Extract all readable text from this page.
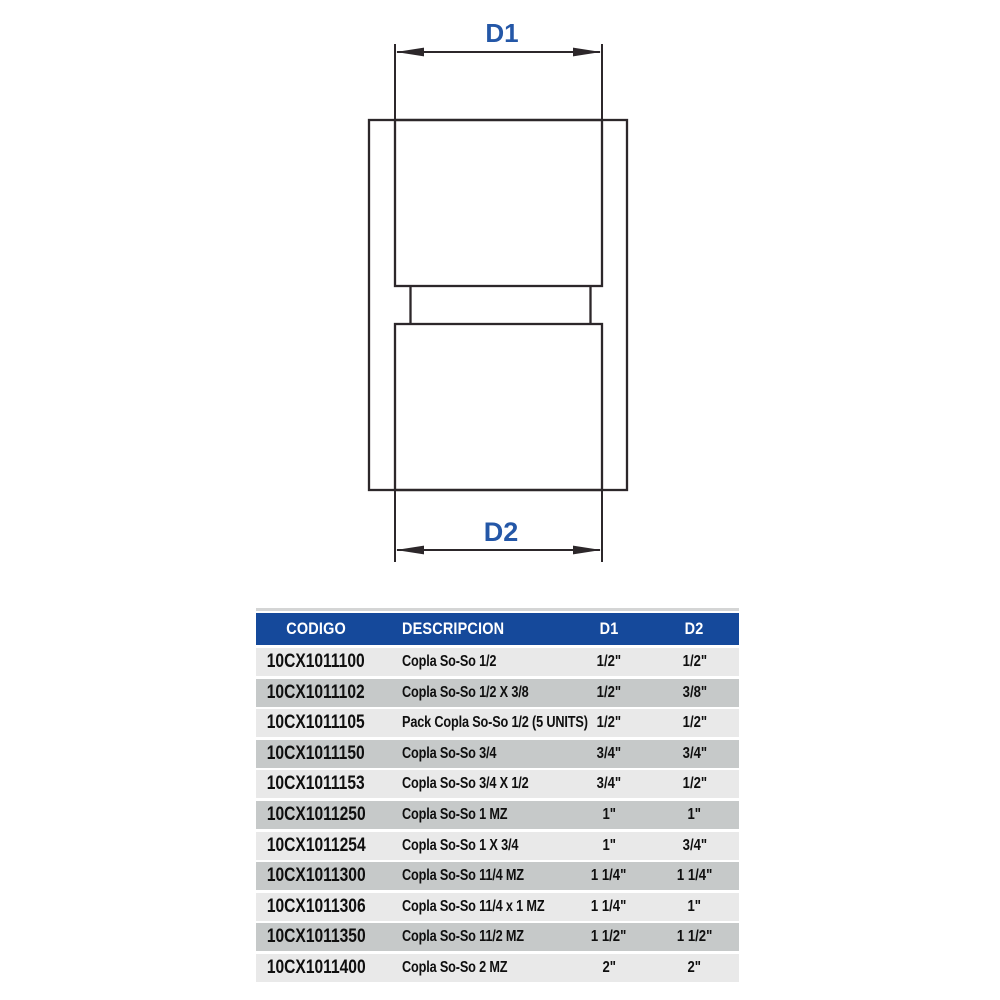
D1
D2
CODIGO	DESCRIPCION	D1	D2
10CX1011100 Copla So-So 1/2	1/2"	1/2"
10CX1011102 Copla So-So 1/2 X 3/8	1/2"	3/8"
10CX1011105 Pack Copla So-So 1/2 (5 UNITS) 1/2"	1/2"
10CX1011150 Copla So-So 3/4	3/4"	3/4"
10CX1011153 Copla So-So 3/4 X 1/2	3/4"	1/2"
10CX1011250 Copla So-So 1 MZ	1"	1"
10CX1011254 Copla So-So 1 X 3/4	1"	3/4"
10CX1011300 Copla So-So 11/4 MZ	1 1/4"	1 1/4"
10CX1011306 Copla So-So 11/4 x 1 MZ	1 1/4"	1"
10CX1011350 Copla So-So 11/2 MZ	1 1/2"	1 1/2"
10CX1011400 Copla So-So 2 MZ	2"	2"
